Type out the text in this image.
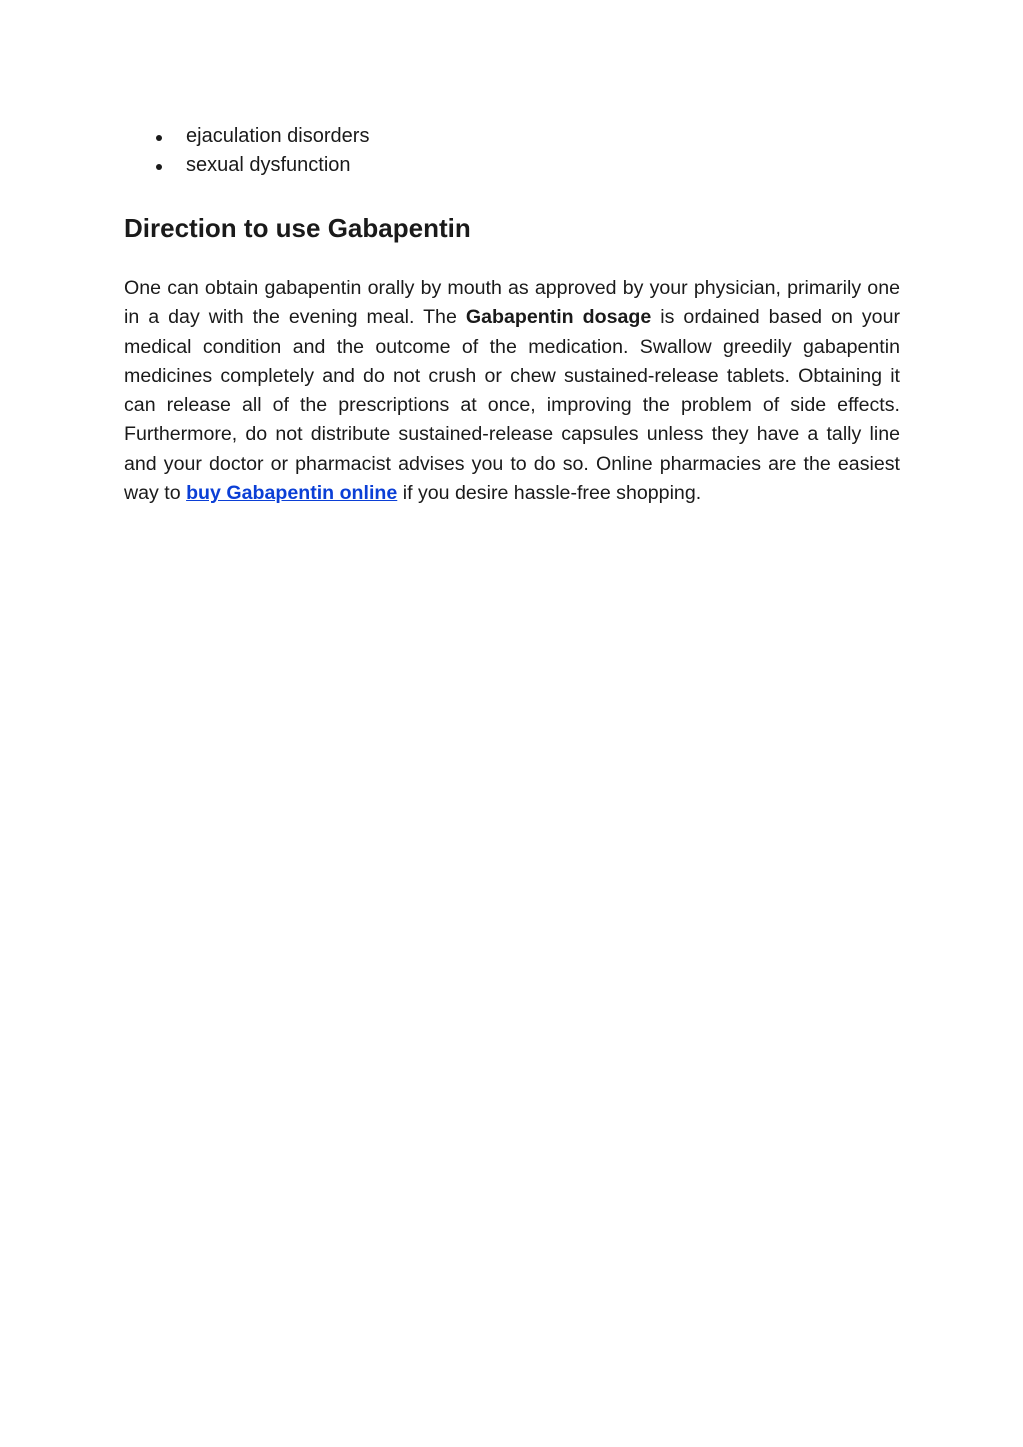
ejaculation disorders
sexual dysfunction
Direction to use Gabapentin

One can obtain gabapentin orally by mouth as approved by your physician, primarily one in a day with the evening meal. The Gabapentin dosage is ordained based on your medical condition and the outcome of the medication. Swallow greedily gabapentin medicines completely and do not crush or chew sustained-release tablets. Obtaining it can release all of the prescriptions at once, improving the problem of side effects. Furthermore, do not distribute sustained-release capsules unless they have a tally line and your doctor or pharmacist advises you to do so. Online pharmacies are the easiest way to buy Gabapentin online if you desire hassle-free shopping.
